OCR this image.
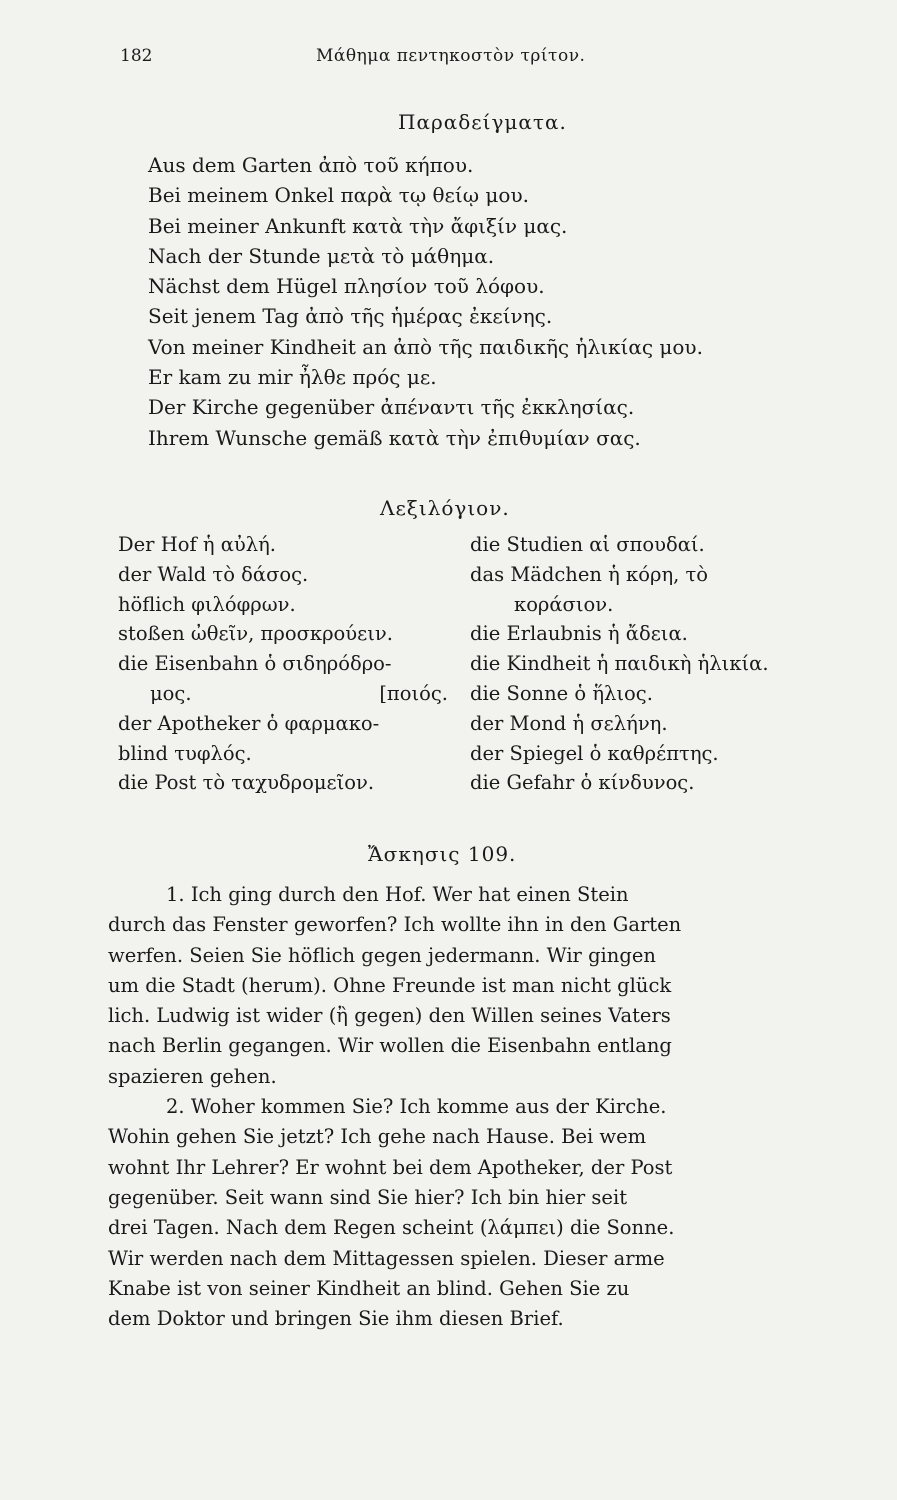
182	Μάθημα πεντηκοστὸν τρίτον.
Παραδείγματα.
Aus dem Garten ἀπὸ τοῦ κήπου.
Bei meinem Onkel παρὰ τῳ θείῳ μου.
Bei meiner Ankunft κατὰ τὴν ἄφιξίν μας.
Nach der Stunde μετὰ τὸ μάθημα.
Nächst dem Hügel πλησίον τοῦ λόφου.
Seit jenem Tag ἀπὸ τῆς ἡμέρας ἐκείνης.
Von meiner Kindheit an ἀπὸ τῆς παιδικῆς ἡλικίας μου.
Er kam zu mir ἦλθε πρός με.
Der Kirche gegenüber ἀπέναντι τῆς ἐκκλησίας.
Ihrem Wunsche gemäß κατὰ τὴν ἐπιθυμίαν σας.
Λεξιλόγιον.
Der Hof ἡ αὐλή.
der Wald τὸ δάσος.
höflich φιλόφρων.
stoßen ὠθεῖν, προσκρούειν.
die Eisenbahn ὁ σιδηρόδρο-
μος.	[ποιός.
der Apotheker ὁ φαρμακο-
blind τυφλός.
die Post τὸ ταχυδρομεῖον.
die Studien αἱ σπουδαί.
das Mädchen ἡ κόρη, τὸ
κοράσιον.
die Erlaubnis ἡ ἄδεια.
die Kindheit ἡ παιδικὴ ἡλικία.
die Sonne ὁ ἥλιος.
der Mond ἡ σελήνη.
der Spiegel ὁ καθρέπτης.
die Gefahr ὁ κίνδυνος.
Ἄσκησις 109.
1. Ich ging durch den Hof. Wer hat einen Stein
durch das Fenster geworfen? Ich wollte ihn in den Garten
werfen. Seien Sie höflich gegen jedermann. Wir gingen
um die Stadt (herum). Ohne Freunde ist man nicht glück
lich. Ludwig ist wider (ἢ gegen) den Willen seines Vaters
nach Berlin gegangen. Wir wollen die Eisenbahn entlang
spazieren gehen.
2. Woher kommen Sie? Ich komme aus der Kirche.
Wohin gehen Sie jetzt? Ich gehe nach Hause. Bei wem
wohnt Ihr Lehrer? Er wohnt bei dem Apotheker, der Post
gegenüber. Seit wann sind Sie hier? Ich bin hier seit
drei Tagen. Nach dem Regen scheint (λάμπει) die Sonne.
Wir werden nach dem Mittagessen spielen. Dieser arme
Knabe ist von seiner Kindheit an blind. Gehen Sie zu
dem Doktor und bringen Sie ihm diesen Brief.
